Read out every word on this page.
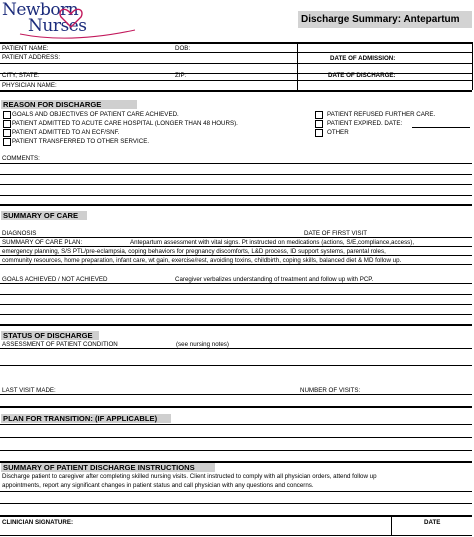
Newborn
Nurses	Discharge Summary: Antepartum
PATIENT NAME:	DOB:
PATIENT ADDRESS:	DATE OF ADMISSION:
CITY, STATE:	ZIP:	DATE OF DISCHARGE:
PHYSICIAN NAME:
REASON FOR DISCHARGE
GOALS AND OBJECTIVES OF PATIENT CARE ACHIEVED.
PATIENT ADMITTED TO ACUTE CARE HOSPITAL (LONGER THAN 48 HOURS).
PATIENT ADMITTED TO AN ECF/SNF.
PATIENT TRANSFERRED TO OTHER SERVICE.
PATIENT REFUSED FURTHER CARE.
PATIENT EXPIRED. DATE:
OTHER
COMMENTS:
SUMMARY OF CARE
DIAGNOSIS	DATE OF FIRST VISIT
SUMMARY OF CARE PLAN:	Antepartum assessment with vital signs. Pt instructed on medications (actions, S/E,compliance,access),
emergency planning, S/S PTL/pre-eclampsia, coping behaviors for pregnancy discomforts, L&D process, ID support systems, parental roles,
community resources, home preparation, infant care, wt gain, exercise/rest, avoiding toxins, childbirth, coping skills, balanced diet & MD follow up.
GOALS ACHIEVED / NOT ACHIEVED	Caregiver verbalizes understanding of treatment and follow up with PCP.
STATUS OF DISCHARGE
ASSESSMENT OF PATIENT CONDITION	(see nursing notes)
LAST VISIT MADE:	NUMBER OF VISITS:
PLAN FOR TRANSITION: (IF APPLICABLE)
SUMMARY OF PATIENT DISCHARGE INSTRUCTIONS
Discharge patient to caregiver after completing skilled nursing visits. Client instructed to comply with all physician orders, attend follow up
appointments, report any significant changes in patient status and call physician with any questions and concerns.
CLINICIAN SIGNATURE:	DATE
